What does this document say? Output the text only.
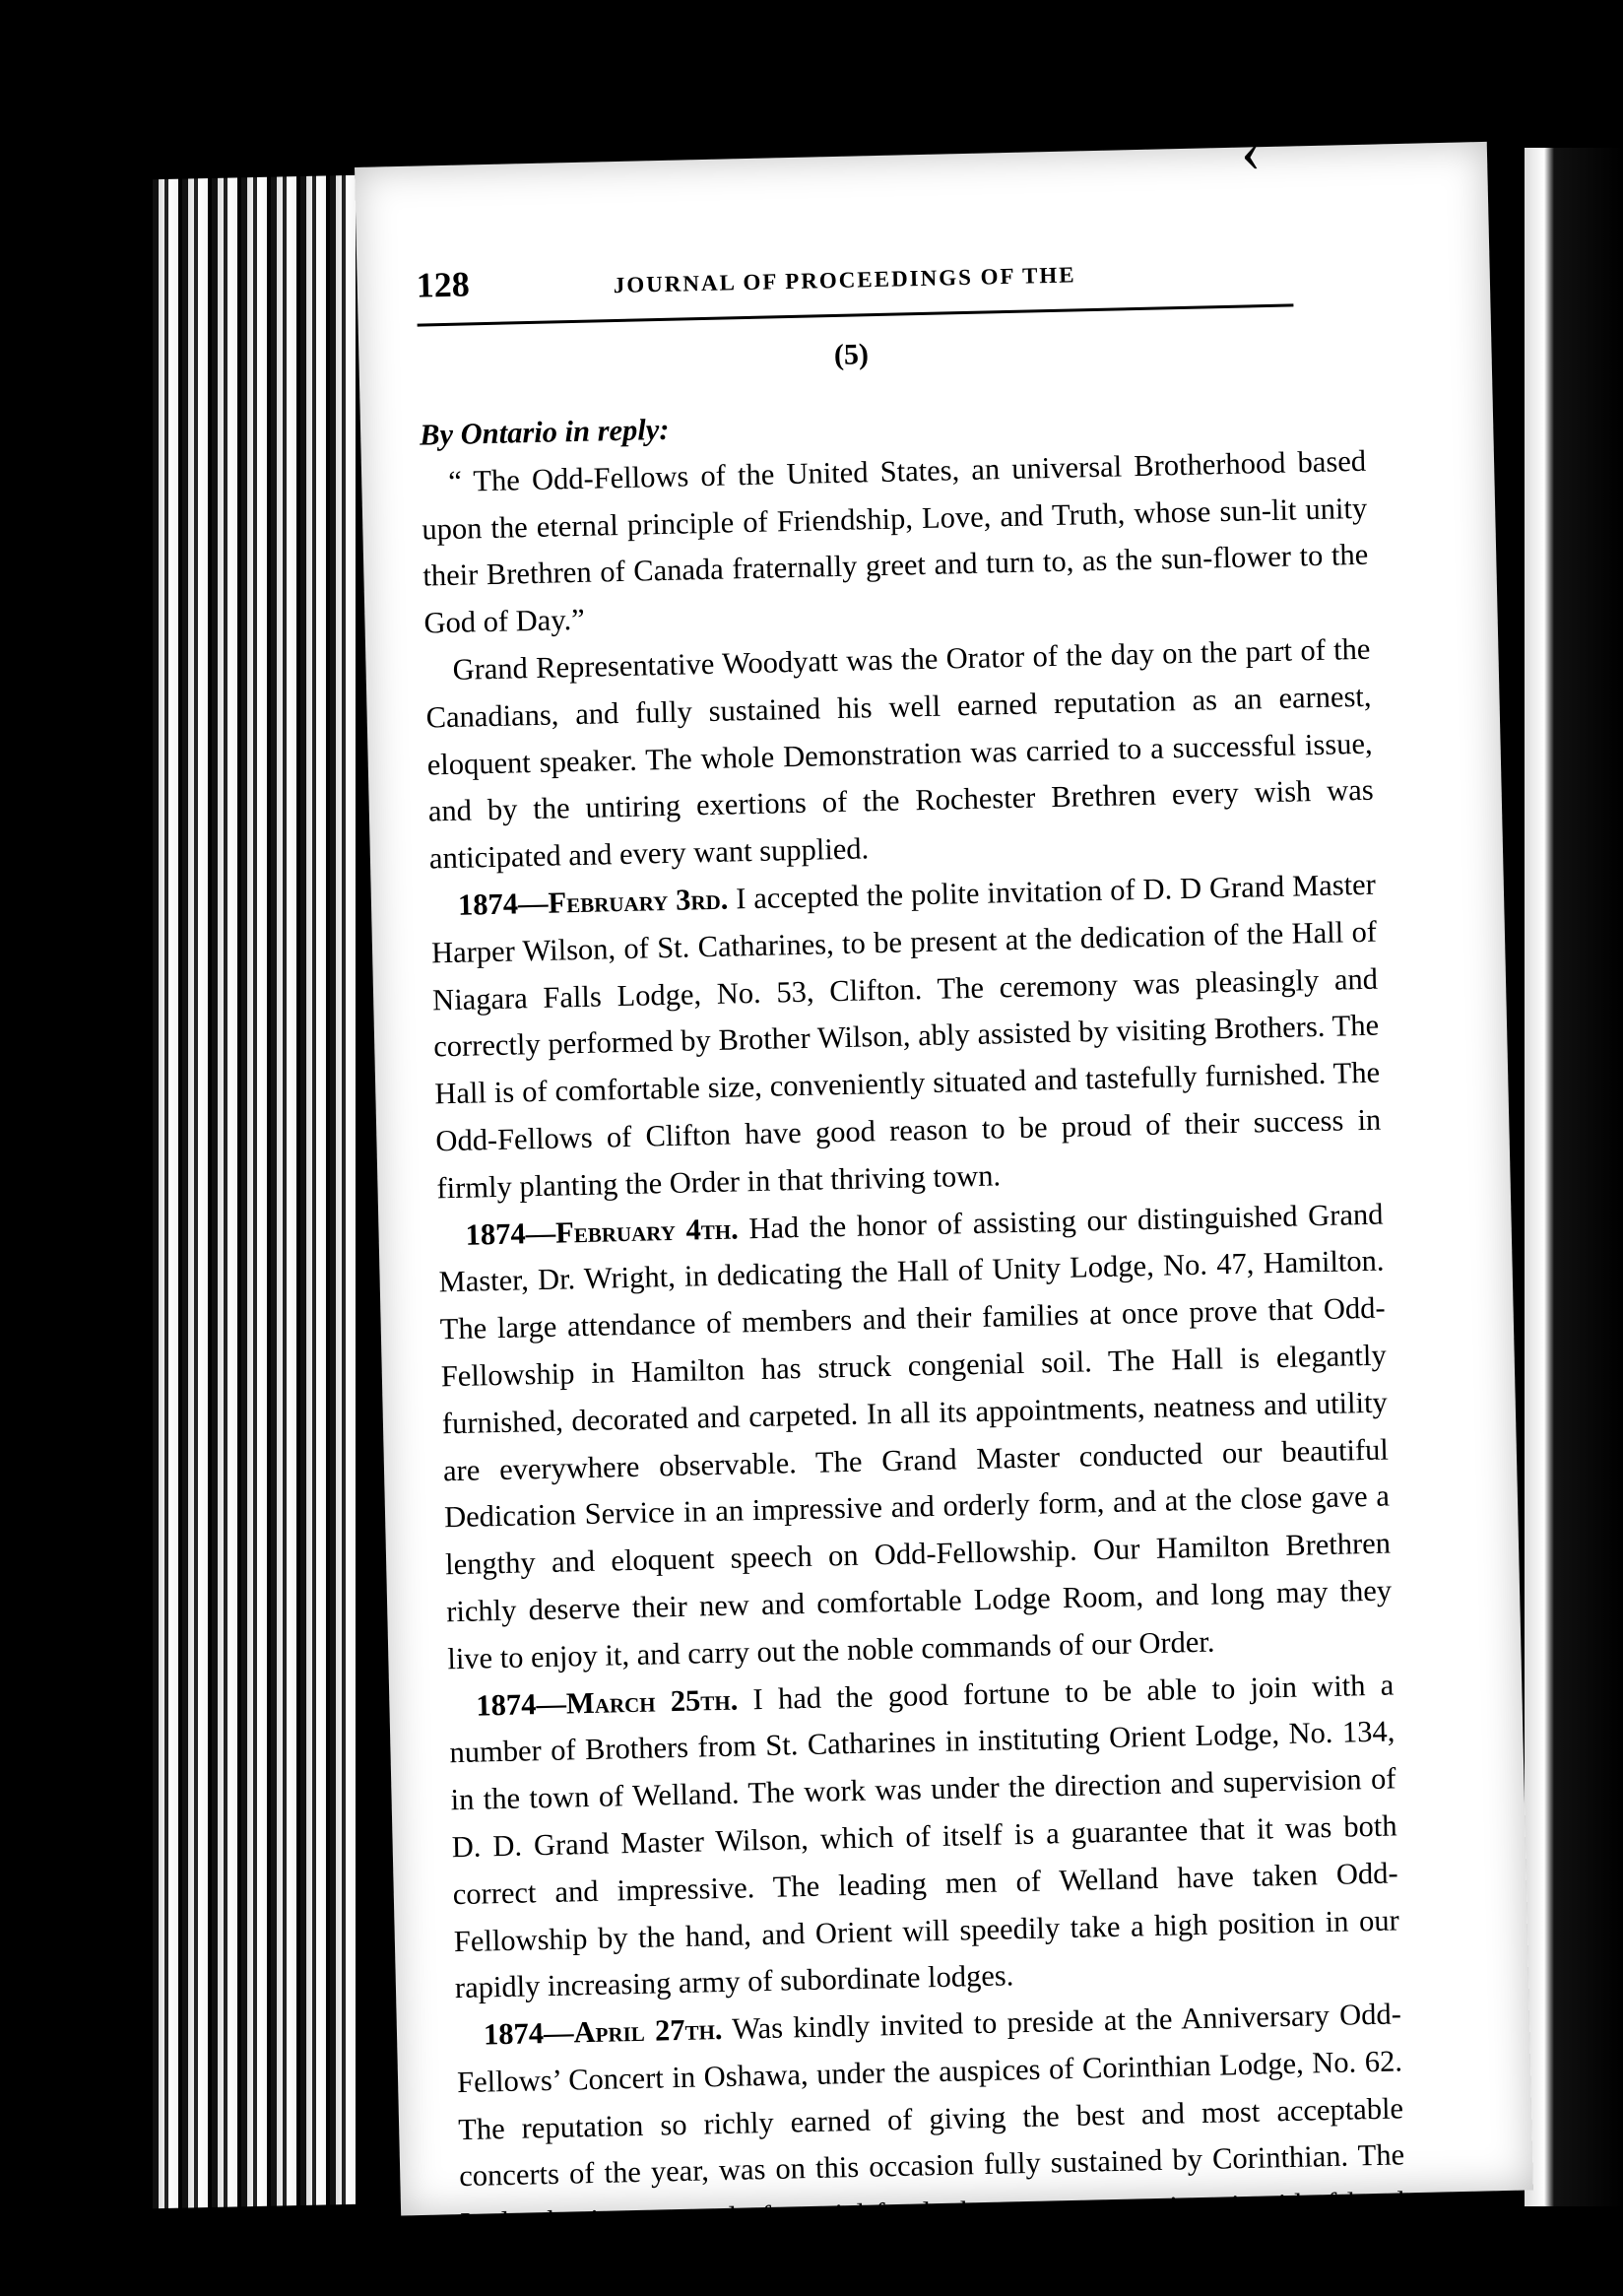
‹
128	JOURNAL OF PROCEEDINGS OF THE
(5)

By Ontario in reply:

“ The Odd-Fellows of the United States, an universal Brotherhood based upon the eternal principle of Friendship, Love, and Truth, whose sun-lit unity their Brethren of Canada fraternally greet and turn to, as the sun-flower to the God of Day.”

Grand Representative Woodyatt was the Orator of the day on the part of the Canadians, and fully sustained his well earned reputation as an earnest, eloquent speaker. The whole Demonstration was carried to a successful issue, and by the untiring exertions of the Rochester Brethren every wish was anticipated and every want supplied.

1874—February 3rd. I accepted the polite invitation of D. D Grand Master Harper Wilson, of St. Catharines, to be present at the dedication of the Hall of Niagara Falls Lodge, No. 53, Clifton. The ceremony was pleasingly and correctly performed by Brother Wilson, ably assisted by visiting Brothers. The Hall is of comfortable size, conveniently situated and tastefully furnished. The Odd-Fellows of Clifton have good reason to be proud of their success in firmly planting the Order in that thriving town.

1874—February 4th. Had the honor of assisting our distinguished Grand Master, Dr. Wright, in dedicating the Hall of Unity Lodge, No. 47, Hamilton. The large attendance of members and their families at once prove that Odd-Fellowship in Hamilton has struck congenial soil. The Hall is elegantly furnished, decorated and carpeted. In all its appointments, neatness and utility are everywhere observable. The Grand Master conducted our beautiful Dedication Service in an impressive and orderly form, and at the close gave a lengthy and eloquent speech on Odd-Fellowship. Our Hamilton Brethren richly deserve their new and comfortable Lodge Room, and long may they live to enjoy it, and carry out the noble commands of our Order.

1874—March 25th. I had the good fortune to be able to join with a number of Brothers from St. Catharines in instituting Orient Lodge, No. 134, in the town of Welland. The work was under the direction and supervision of D. D. Grand Master Wilson, which of itself is a guarantee that it was both correct and impressive. The leading men of Welland have taken Odd-Fellowship by the hand, and Orient will speedily take a high position in our rapidly increasing army of subordinate lodges.

1874—April 27th. Was kindly invited to preside at the Anniversary Odd-Fellows’ Concert in Oshawa, under the auspices of Corinthian Lodge, No. 62. The reputation so richly earned of giving the best and most acceptable concerts of the year, was on this occasion fully sustained by Corinthian. The Lodge having no need of special funds the concert was given in aid of local charities,
